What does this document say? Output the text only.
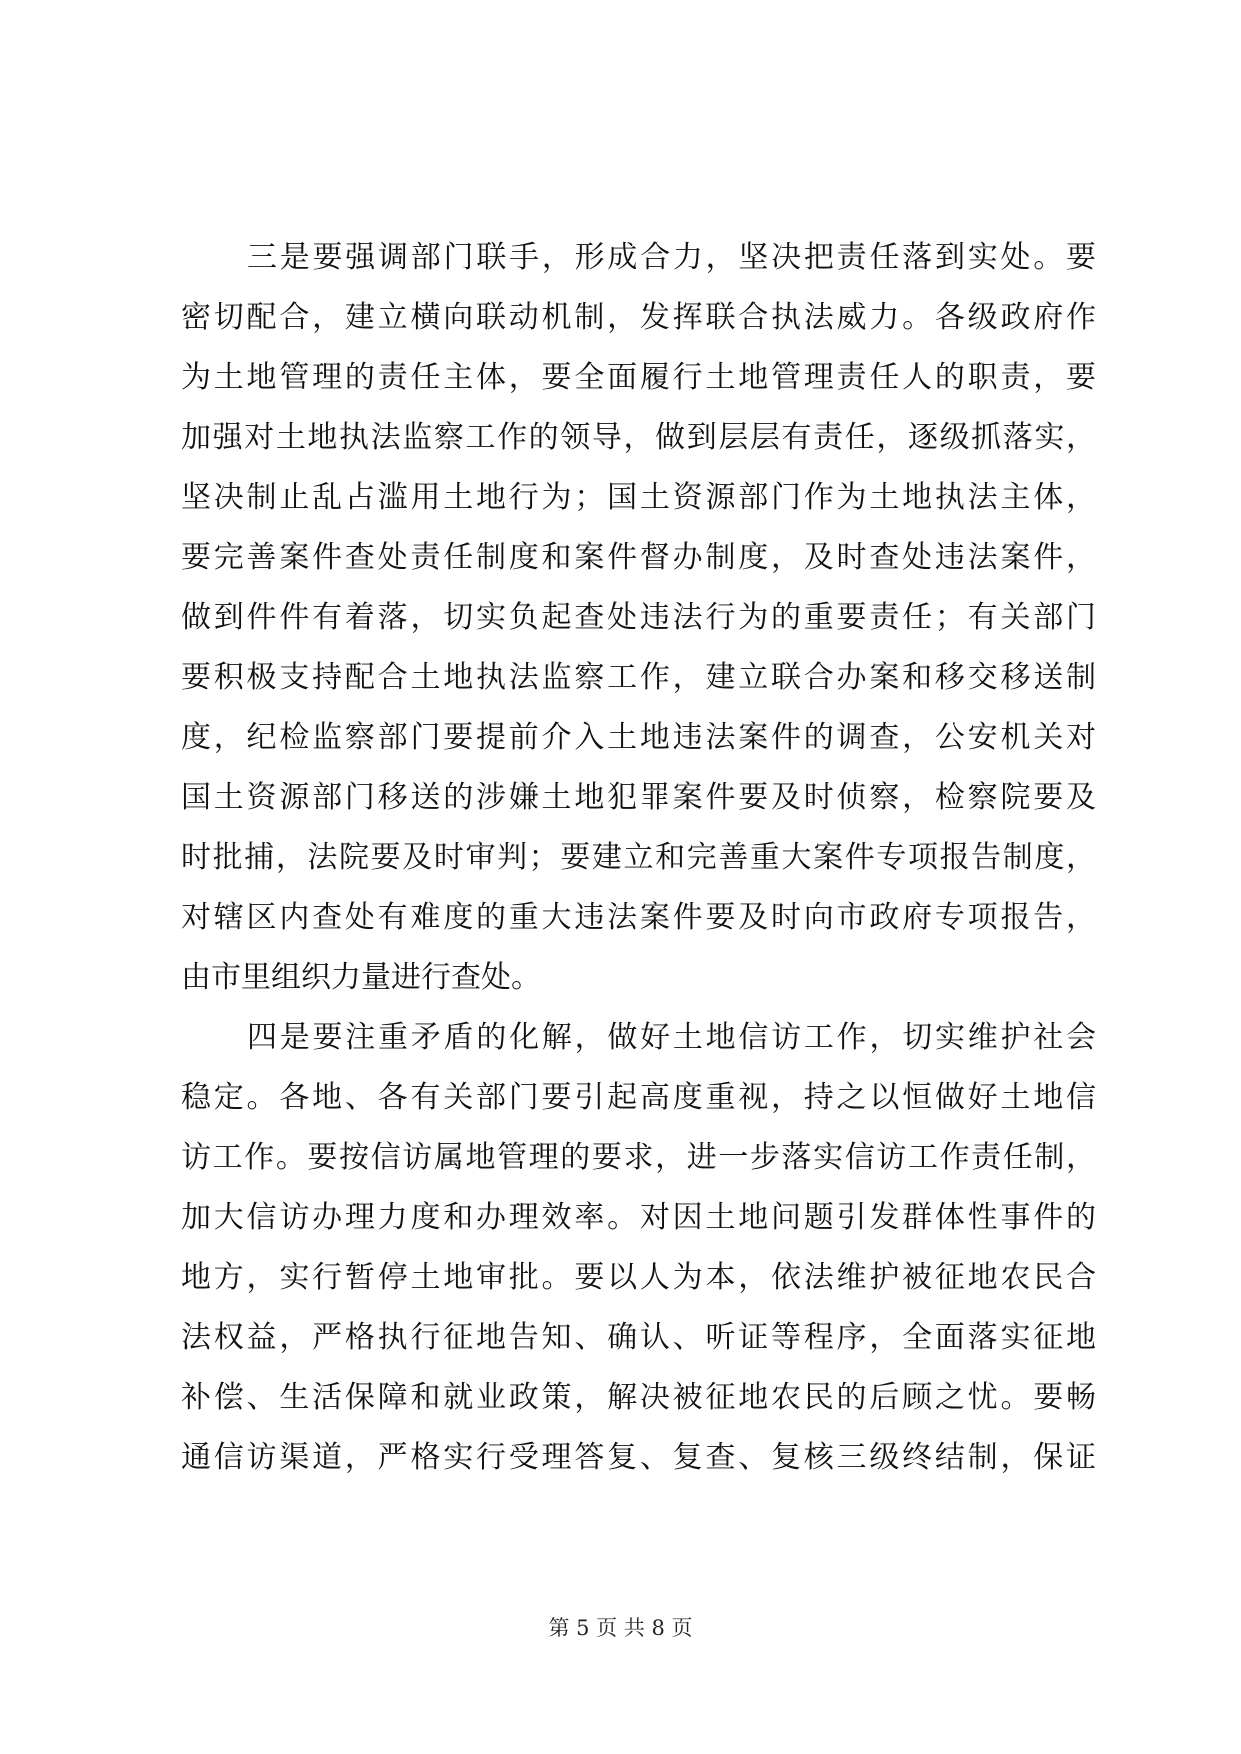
三是要强调部门联手，形成合力，坚决把责任落到实处。要
密切配合，建立横向联动机制，发挥联合执法威力。各级政府作
为土地管理的责任主体，要全面履行土地管理责任人的职责，要
加强对土地执法监察工作的领导，做到层层有责任，逐级抓落实，
坚决制止乱占滥用土地行为；国土资源部门作为土地执法主体，
要完善案件查处责任制度和案件督办制度，及时查处违法案件，
做到件件有着落，切实负起查处违法行为的重要责任；有关部门
要积极支持配合土地执法监察工作，建立联合办案和移交移送制
度，纪检监察部门要提前介入土地违法案件的调查，公安机关对
国土资源部门移送的涉嫌土地犯罪案件要及时侦察，检察院要及
时批捕，法院要及时审判；要建立和完善重大案件专项报告制度，
对辖区内查处有难度的重大违法案件要及时向市政府专项报告，
由市里组织力量进行查处。
四是要注重矛盾的化解，做好土地信访工作，切实维护社会
稳定。各地、各有关部门要引起高度重视，持之以恒做好土地信
访工作。要按信访属地管理的要求，进一步落实信访工作责任制，
加大信访办理力度和办理效率。对因土地问题引发群体性事件的
地方，实行暂停土地审批。要以人为本，依法维护被征地农民合
法权益，严格执行征地告知、确认、听证等程序，全面落实征地
补偿、生活保障和就业政策，解决被征地农民的后顾之忧。要畅
通信访渠道，严格实行受理答复、复查、复核三级终结制，保证
第 5 页 共 8 页
